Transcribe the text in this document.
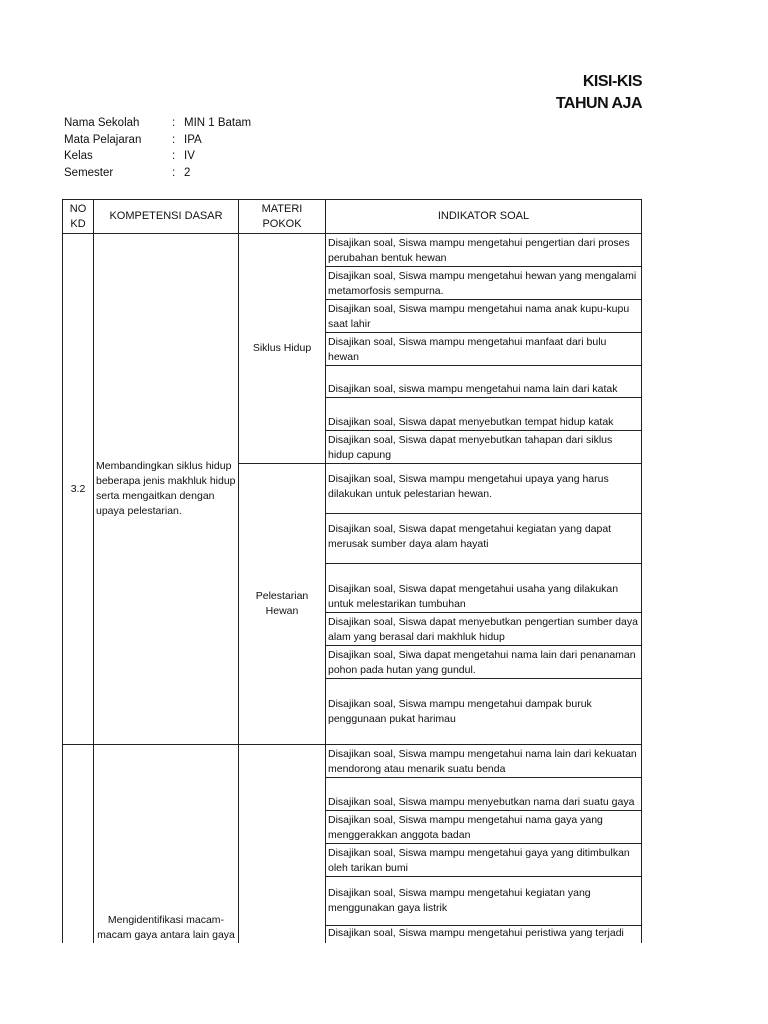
KISI-KIS
TAHUN AJA
Nama Sekolah	:	MIN 1 Batam
Mata Pelajaran	:	IPA
Kelas	:	IV
Semester	:	2
NO KD	KOMPETENSI DASAR	MATERI POKOK	INDIKATOR SOAL
3.2	Membandingkan siklus hidup beberapa jenis makhluk hidup serta mengaitkan dengan upaya pelestarian.	Siklus Hidup	Disajikan soal, Siswa mampu mengetahui pengertian dari proses perubahan bentuk hewan
			Disajikan soal, Siswa mampu mengetahui hewan yang mengalami metamorfosis sempurna.
			Disajikan soal, Siswa mampu mengetahui nama anak kupu-kupu saat lahir
			Disajikan soal, Siswa mampu mengetahui manfaat dari bulu hewan
			Disajikan soal, siswa mampu mengetahui nama lain dari katak
			Disajikan soal, Siswa dapat menyebutkan tempat hidup katak
			Disajikan soal, Siswa dapat menyebutkan tahapan dari siklus hidup capung
		Pelestarian Hewan	Disajikan soal, Siswa mampu mengetahui upaya yang harus dilakukan untuk pelestarian hewan.
			Disajikan soal, Siswa dapat mengetahui kegiatan yang dapat merusak sumber daya alam hayati
			Disajikan soal, Siswa dapat mengetahui usaha yang dilakukan untuk melestarikan tumbuhan
			Disajikan soal, Siswa dapat menyebutkan pengertian sumber daya alam yang berasal dari makhluk hidup
			Disajikan soal, Siwa dapat mengetahui nama lain dari penanaman pohon pada hutan yang gundul.
			Disajikan soal, Siswa mampu mengetahui dampak buruk penggunaan pukat harimau
	Mengidentifikasi macam-macam gaya antara lain gaya		Disajikan soal, Siswa mampu mengetahui nama lain dari kekuatan mendorong atau menarik suatu benda
			Disajikan soal, Siswa mampu menyebutkan nama dari suatu gaya
			Disajikan soal, Siswa mampu mengetahui nama gaya yang menggerakkan anggota badan
			Disajikan soal, Siswa mampu mengetahui gaya yang ditimbulkan oleh tarikan bumi
			Disajikan soal, Siswa mampu mengetahui kegiatan yang menggunakan gaya listrik
			Disajikan soal, Siswa mampu mengetahui peristiwa yang terjadi
